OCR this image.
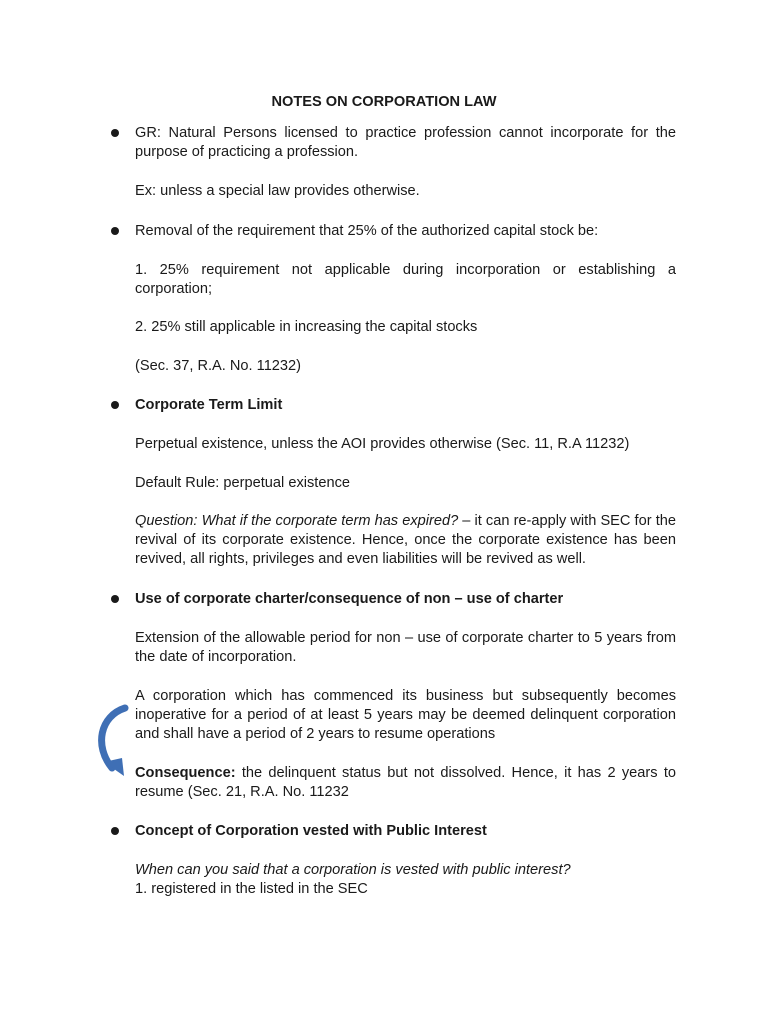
NOTES ON CORPORATION LAW

GR: Natural Persons licensed to practice profession cannot incorporate for the purpose of practicing a profession.

Ex: unless a special law provides otherwise.

Removal of the requirement that 25% of the authorized capital stock be:

1. 25% requirement not applicable during incorporation or establishing a corporation;

2. 25% still applicable in increasing the capital stocks

(Sec. 37, R.A. No. 11232)

Corporate Term Limit

Perpetual existence, unless the AOI provides otherwise (Sec. 11, R.A 11232)

Default Rule: perpetual existence

Question: What if the corporate term has expired? – it can re-apply with SEC for the revival of its corporate existence. Hence, once the corporate existence has been revived, all rights, privileges and even liabilities will be revived as well.

Use of corporate charter/consequence of non – use of charter

Extension of the allowable period for non – use of corporate charter to 5 years from the date of incorporation.

A corporation which has commenced its business but subsequently becomes inoperative for a period of at least 5 years may be deemed delinquent corporation and shall have a period of 2 years to resume operations

Consequence: the delinquent status but not dissolved. Hence, it has 2 years to resume (Sec. 21, R.A. No. 11232

Concept of Corporation vested with Public Interest

When can you said that a corporation is vested with public interest?

1. registered in the listed in the SEC
